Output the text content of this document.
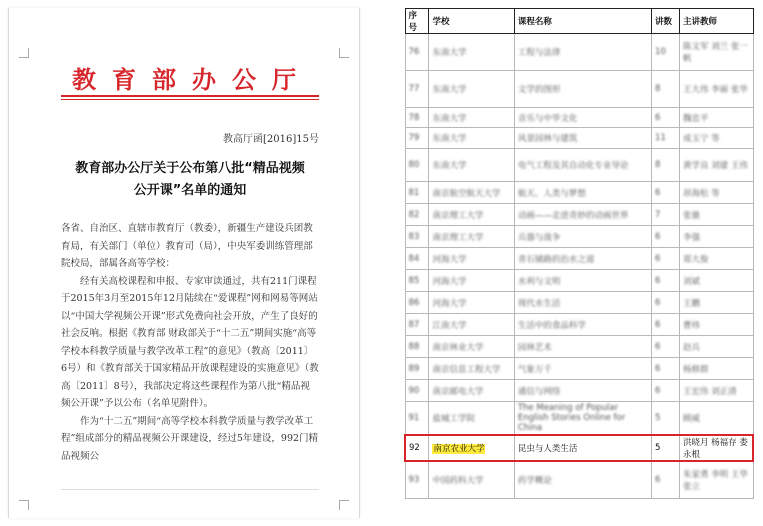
教育部办公厅
教高厅函[2016]15号
教育部办公厅关于公布第八批“精品视频
公开课”名单的通知

各省、自治区、直辖市教育厅（教委），新疆生产建设兵团教育局，有关部门（单位）教育司（局），中央军委训练管理部院校局，部属各高等学校：

经有关高校课程和申报、专家审读通过，共有211门课程于2015年3月至2015年12月陆续在“爱课程”网和网易等网站以“中国大学视频公开课”形式免费向社会开放，产生了良好的社会反响。根据《教育部 财政部关于“十二五”期间实施“高等学校本科教学质量与教学改革工程”的意见》（教高〔2011〕6号）和《教育部关于国家精品开放课程建设的实施意见》（教高〔2011〕8号），我部决定将这些课程作为第八批“精品视频公开课”予以公布（名单见附件）。

作为“十二五”期间“高等学校本科教学质量与教学改革工程”组成部分的精品视频公开课建设，经过5年建设，992门精品视频公

序号	学校	课程名称	讲数	主讲教师
76	东南大学	工程与法律	10	陈文军 刘兰 张一帆
77	东南大学	文学的图形	8	王大伟 李丽 张华
78	东南大学	音乐与中华文化	6	魏忠平
79	东南大学	风景园林与建筑	11	成玉宁 等
80	东南大学	电气工程及其自动化专业导论	8	黄学良 刘建 王伟
81	南京航空航天大学	航天、人类与梦想	6	昂海松 等
82	南京理工大学	动画——走进奇妙的动画世界	7	张驰
83	南京理工大学	兵器与战争	6	李强
84	河海大学	青石铺路的治水之道	6	郑大俊
85	河海大学	水利与文明	6	刘斌
86	河海大学	现代水生活	6	王鹏
87	江南大学	生活中的食品科学	6	曹炜
88	南京林业大学	园林艺术	6	赵兵
89	南京信息工程大学	气象万千	6	杨修群
90	南京邮电大学	通信与网络	6	王宏伟 刘正清
91	盐城工学院	The Meaning of Popular English Stories Online for China	5	顾威
92	南京农业大学	昆虫与人类生活	5	洪晓月 杨福存 娄永根
93	中国药科大学	药学概论	6	朱家勇 李明 王华 张立
